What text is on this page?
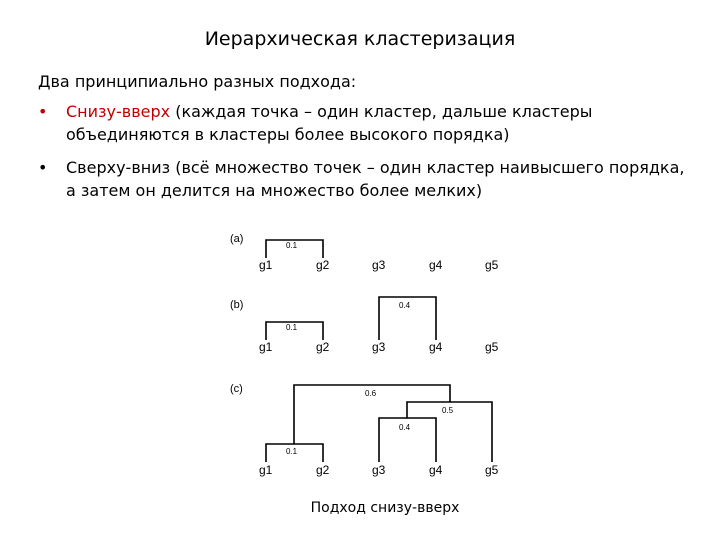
Иерархическая кластеризация
Два принципиально разных подхода:
• Снизу-вверх (каждая точка – один кластер, дальше кластеры объединяются в кластеры более высокого порядка)
• Сверху-вниз (всё множество точек – один кластер наивысшего порядка, а затем он делится на множество более мелких)
(a)
(b)
(c)
0.1
0.1
0.4
0.1
0.4
0.5
0.6
g1	g2	g3	g4	g5
g1	g2	g3	g4	g5
g1	g2	g3	g4	g5
Подход снизу-вверх
